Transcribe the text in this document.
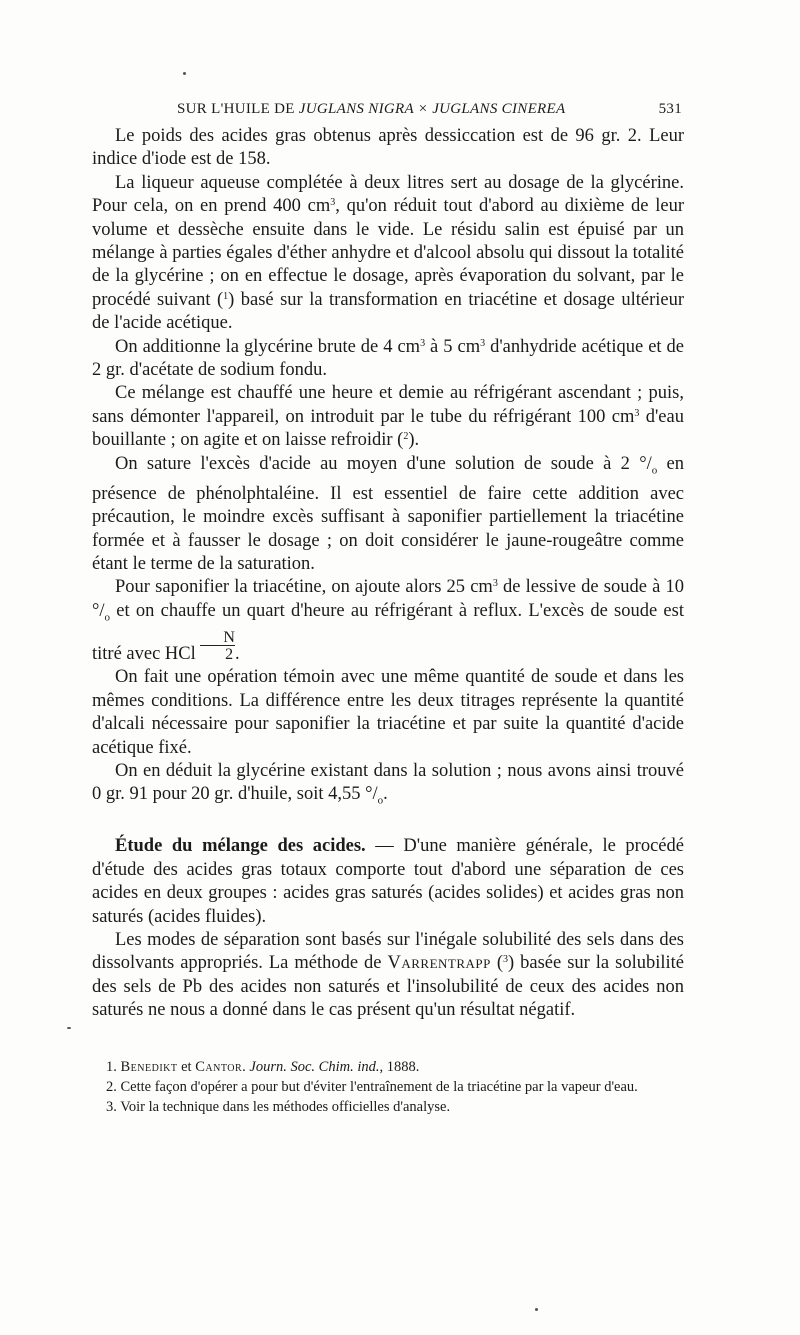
SUR L'HUILE DE JUGLANS NIGRA × JUGLANS CINEREA	531

Le poids des acides gras obtenus après dessiccation est de 96 gr. 2. Leur indice d'iode est de 158.

La liqueur aqueuse complétée à deux litres sert au dosage de la glycérine. Pour cela, on en prend 400 $cm^3$, qu'on réduit tout d'abord au dixième de leur volume et dessèche ensuite dans le vide. Le résidu salin est épuisé par un mélange à parties égales d'éther anhydre et d'alcool absolu qui dissout la totalité de la glycérine ; on en effectue le dosage, après évaporation du solvant, par le procédé suivant ($^1$) basé sur la transformation en triacétine et dosage ultérieur de l'acide acétique.

On additionne la glycérine brute de 4 $cm^3$ à 5 $cm^3$ d'anhydride acétique et de 2 gr. d'acétate de sodium fondu.

Ce mélange est chauffé une heure et demie au réfrigérant ascendant ; puis, sans démonter l'appareil, on introduit par le tube du réfrigérant 100 $cm^3$ d'eau bouillante ; on agite et on laisse refroidir ($^2$).

On sature l'excès d'acide au moyen d'une solution de soude à 2 $^\circ/_o$ en présence de phénolphtaléine. Il est essentiel de faire cette addition avec précaution, le moindre excès suffisant à saponifier partiellement la triacétine formée et à fausser le dosage ; on doit considérer le jaune-rougeâtre comme étant le terme de la saturation.

Pour saponifier la triacétine, on ajoute alors 25 $cm^3$ de lessive de soude à 10 $^\circ/_o$ et on chauffe un quart d'heure au réfrigérant à reflux. L'excès de soude est titré avec HCl $\frac{N}{2}$ .

On fait une opération témoin avec une même quantité de soude et dans les mêmes conditions. La différence entre les deux titrages représente la quantité d'alcali nécessaire pour saponifier la triacétine et par suite la quantité d'acide acétique fixé.

On en déduit la glycérine existant dans la solution ; nous avons ainsi trouvé 0 gr. 91 pour 20 gr. d'huile, soit 4,55 $^\circ/_o$.

Étude du mélange des acides. — D'une manière générale, le procédé d'étude des acides gras totaux comporte tout d'abord une séparation de ces acides en deux groupes : acides gras saturés (acides solides) et acides gras non saturés (acides fluides).

Les modes de séparation sont basés sur l'inégale solubilité des sels dans des dissolvants appropriés. La méthode de Varrentrapp ($^3$) basée sur la solubilité des sels de Pb des acides non saturés et l'insolubilité de ceux des acides non saturés ne nous a donné dans le cas présent qu'un résultat négatif.

1. Benedikt et Cantor. Journ. Soc. Chim. ind., 1888.

2. Cette façon d'opérer a pour but d'éviter l'entraînement de la triacétine par la vapeur d'eau.

3. Voir la technique dans les méthodes officielles d'analyse.
